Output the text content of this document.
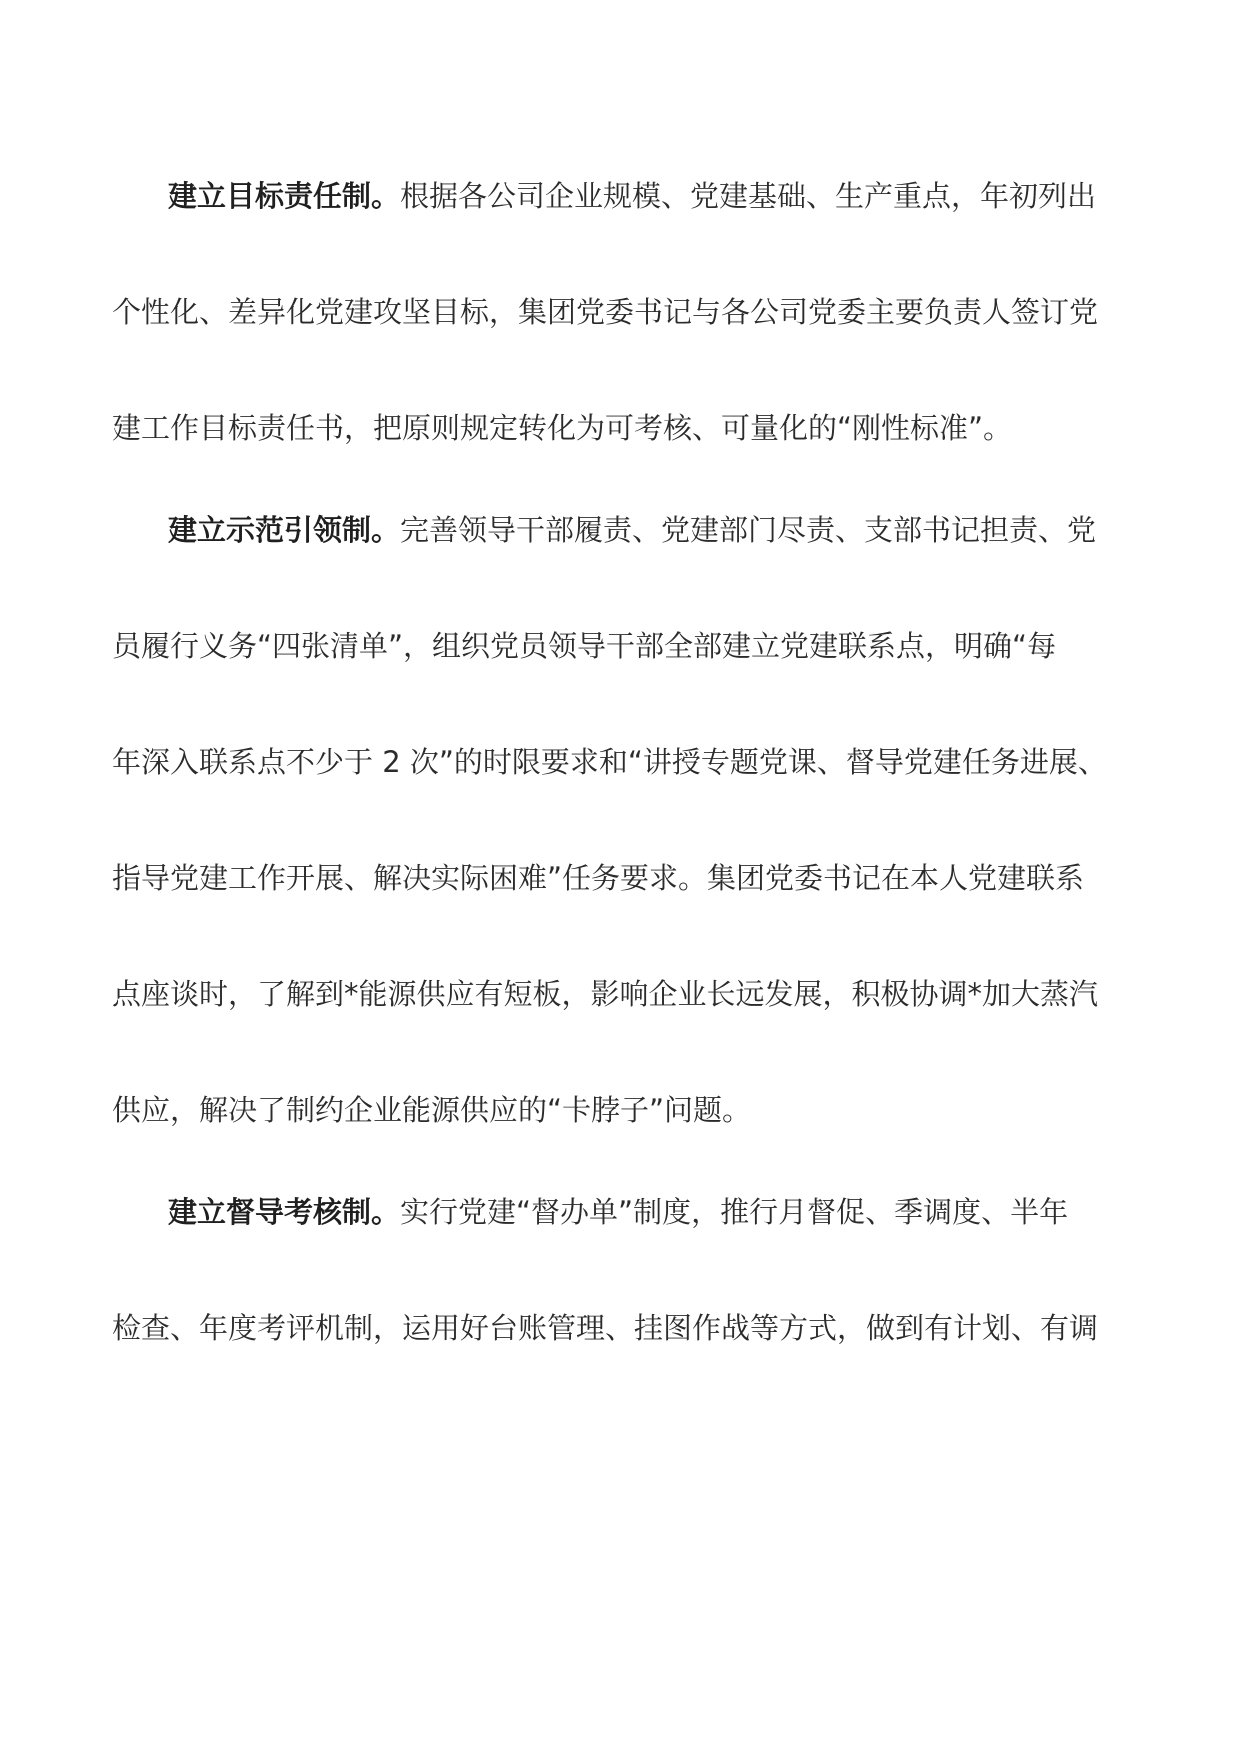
建立目标责任制。根据各公司企业规模、党建基础、生产重点，年初列出
个性化、差异化党建攻坚目标，集团党委书记与各公司党委主要负责人签订党
建工作目标责任书，把原则规定转化为可考核、可量化的“刚性标准”。
建立示范引领制。完善领导干部履责、党建部门尽责、支部书记担责、党
员履行义务“四张清单”，组织党员领导干部全部建立党建联系点，明确“每
年深入联系点不少于 2 次”的时限要求和“讲授专题党课、督导党建任务进展、
指导党建工作开展、解决实际困难”任务要求。集团党委书记在本人党建联系
点座谈时，了解到*能源供应有短板，影响企业长远发展，积极协调*加大蒸汽
供应，解决了制约企业能源供应的“卡脖子”问题。
建立督导考核制。实行党建“督办单”制度，推行月督促、季调度、半年
检查、年度考评机制，运用好台账管理、挂图作战等方式，做到有计划、有调
